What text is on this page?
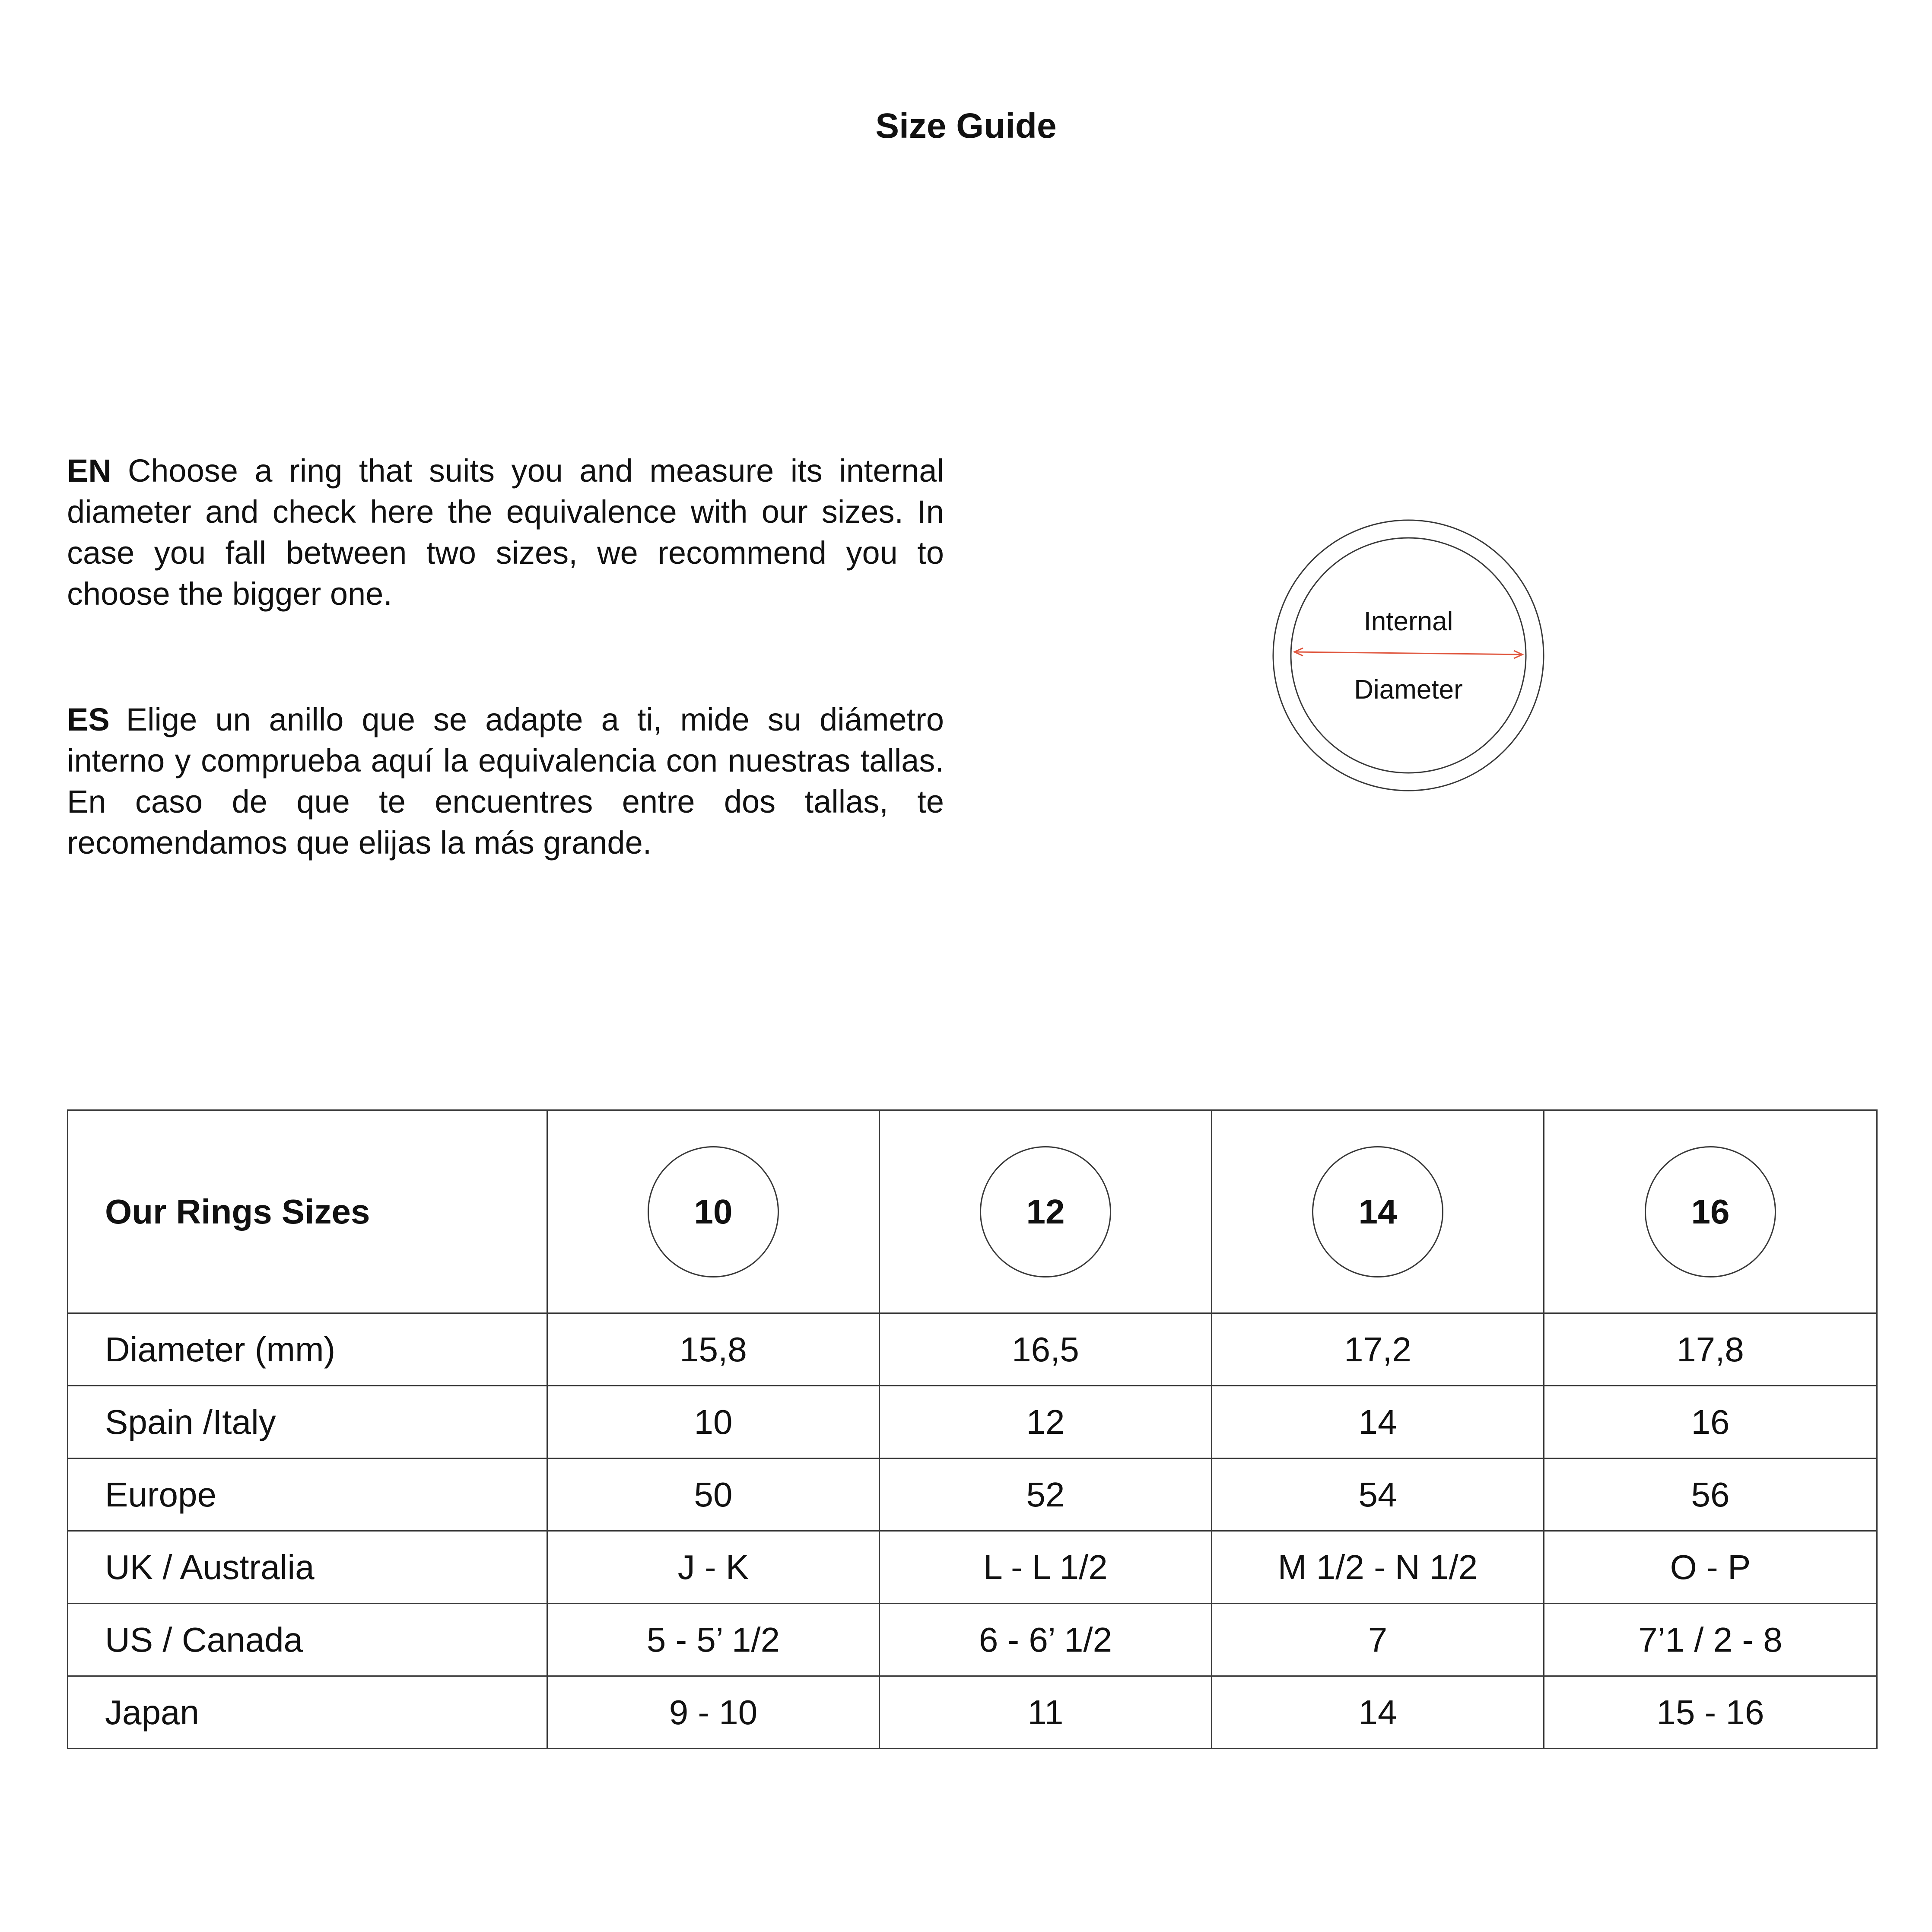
Size Guide

EN Choose a ring that suits you and measure its internal diameter and check here the equivalence with our sizes. In case you fall between two sizes, we recommend you to choose the bigger one.

ES Elige un anillo que se adapte a ti, mide su diámetro interno y comprueba aquí la equivalencia con nuestras tallas. En caso de que te encuentres entre dos tallas, te recomendamos que elijas la más grande.

Internal
Diameter
Our Rings Sizes	10	12	14	16
Diameter (mm)	15,8	16,5	17,2	17,8
Spain /Italy	10	12	14	16
Europe	50	52	54	56
UK / Australia	J - K	L - L 1/2	M 1/2 - N 1/2	O - P
US / Canada	5 - 5’ 1/2	6 - 6’ 1/2	7	7’1 / 2 - 8
Japan	9 - 10	11	14	15 - 16
